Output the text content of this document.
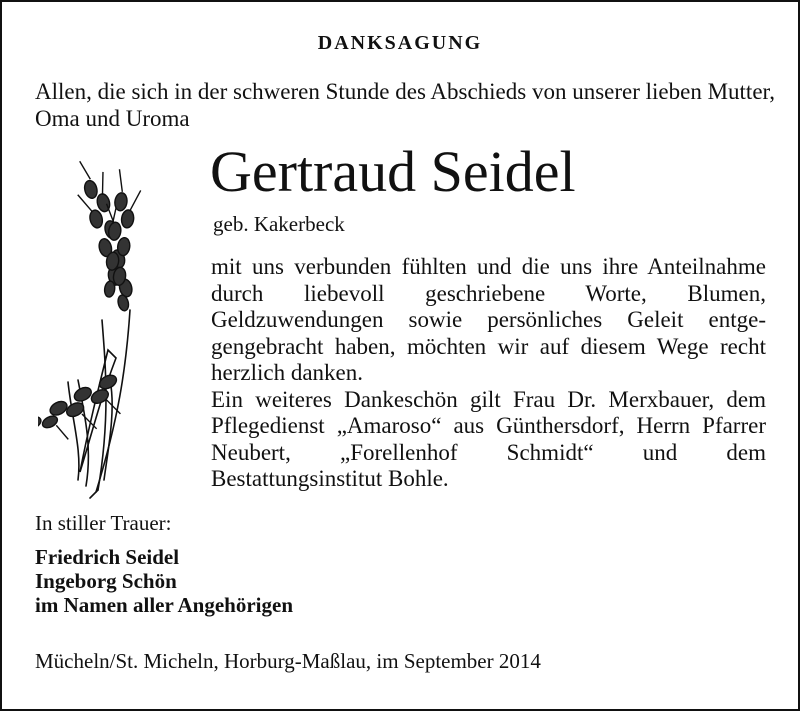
DANKSAGUNG
Allen, die sich in der schweren Stunde des Abschieds von unserer lieben Mutter, Oma und Uroma
Gertraud Seidel
geb. Kakerbeck

mit uns verbunden fühlten und die uns ihre Anteilnahme durch liebevoll geschriebene Worte, Blumen, Geldzuwendungen sowie persönliches Geleit entgegengebracht haben, möchten wir auf diesem Wege recht herzlich danken.

Ein weiteres Dankeschön gilt Frau Dr. Merxbauer, dem Pflegedienst „Amaroso“ aus Günthersdorf, Herrn Pfarrer Neubert, „Forellenhof Schmidt“ und dem Bestattungsinstitut Bohle.

In stiller Trauer:
Friedrich Seidel
Ingeborg Schön
im Namen aller Angehörigen
Mücheln/St. Micheln, Horburg-Maßlau, im September 2014
